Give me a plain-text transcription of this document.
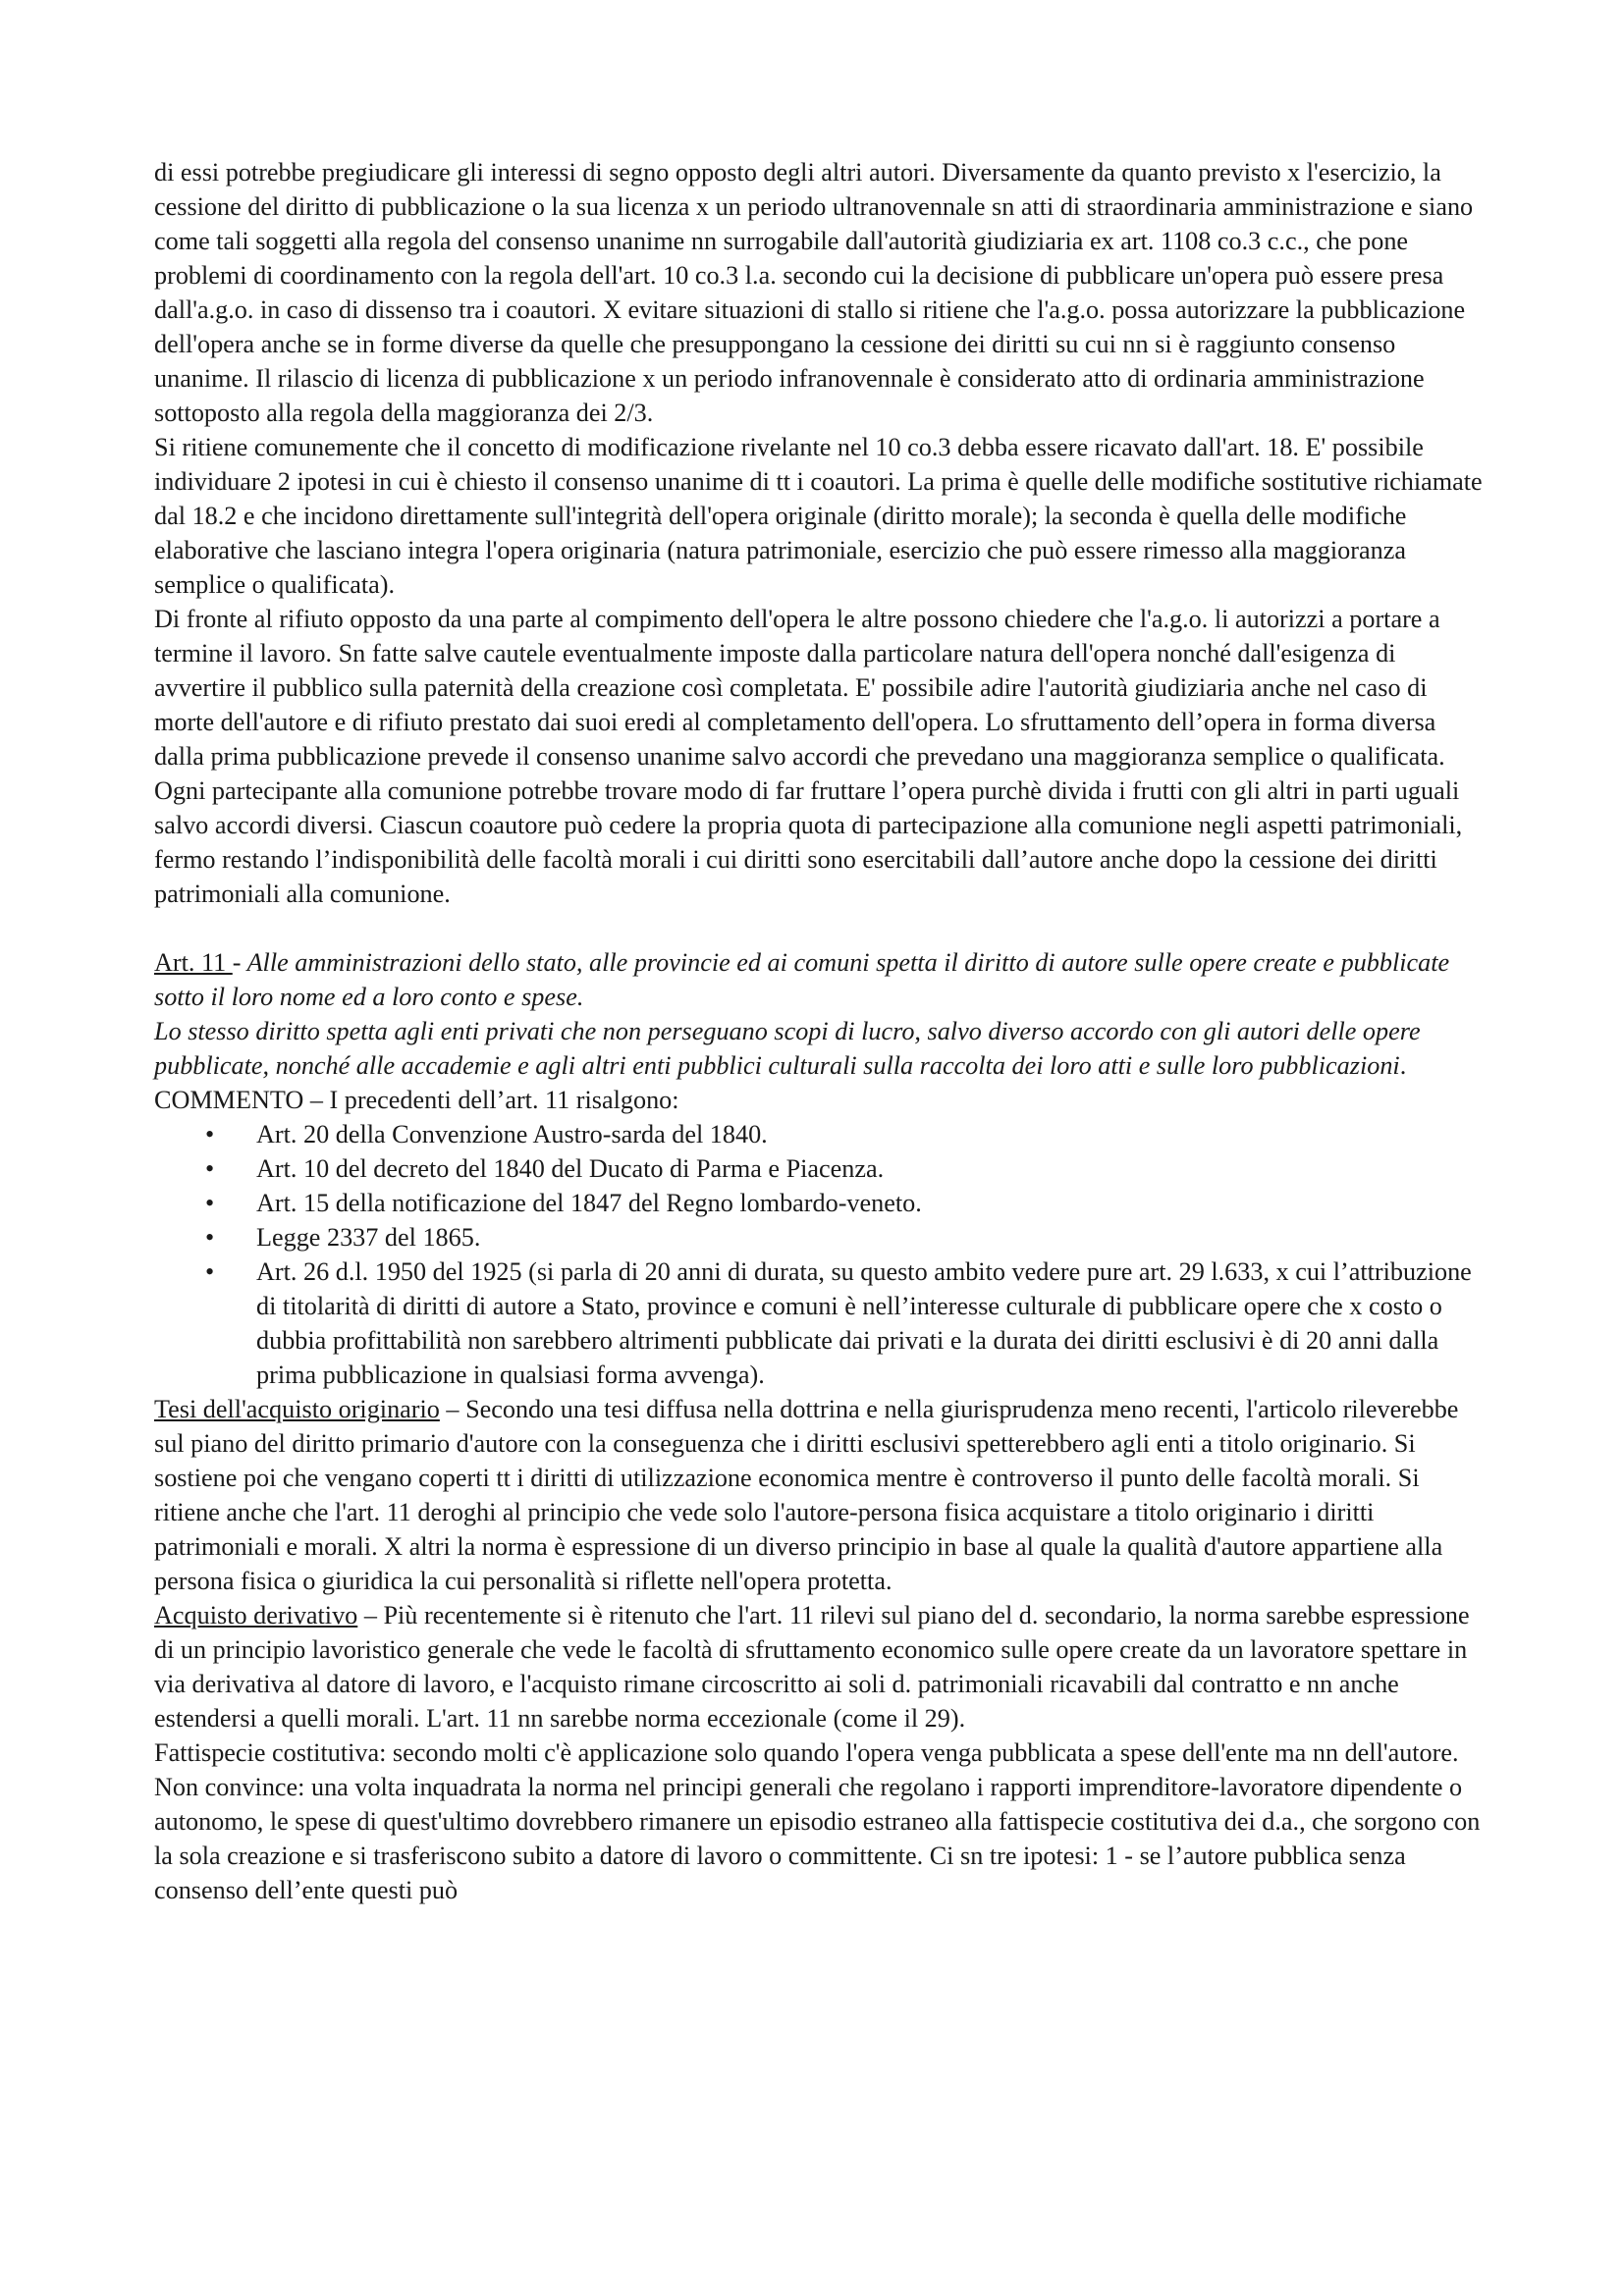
di essi potrebbe pregiudicare gli interessi di segno opposto degli altri autori. Diversamente da quanto previsto x l'esercizio, la cessione del diritto di pubblicazione o la sua licenza x un periodo ultranovennale sn atti di straordinaria amministrazione e siano come tali soggetti alla regola del consenso unanime nn surrogabile dall'autorità giudiziaria ex art. 1108 co.3 c.c., che pone problemi di coordinamento con la regola dell'art. 10 co.3 l.a. secondo cui la decisione di pubblicare un'opera può essere presa dall'a.g.o. in caso di dissenso tra i coautori. X evitare situazioni di stallo si ritiene che l'a.g.o. possa autorizzare la pubblicazione dell'opera anche se in forme diverse da quelle che presuppongano la cessione dei diritti su cui nn si è raggiunto consenso unanime. Il rilascio di licenza di pubblicazione x un periodo infranovennale è considerato atto di ordinaria amministrazione sottoposto alla regola della maggioranza dei 2/3.

Si ritiene comunemente che il concetto di modificazione rivelante nel 10 co.3 debba essere ricavato dall'art. 18. E' possibile individuare 2 ipotesi in cui è chiesto il consenso unanime di tt i coautori. La prima è quelle delle modifiche sostitutive richiamate dal 18.2 e che incidono direttamente sull'integrità dell'opera originale (diritto morale); la seconda è quella delle modifiche elaborative che lasciano integra l'opera originaria (natura patrimoniale, esercizio che può essere rimesso alla maggioranza semplice o qualificata).

Di fronte al rifiuto opposto da una parte al compimento dell'opera le altre possono chiedere che l'a.g.o. li autorizzi a portare a termine il lavoro. Sn fatte salve cautele eventualmente imposte dalla particolare natura dell'opera nonché dall'esigenza di avvertire il pubblico sulla paternità della creazione così completata. E' possibile adire l'autorità giudiziaria anche nel caso di morte dell'autore e di rifiuto prestato dai suoi eredi al completamento dell'opera. Lo sfruttamento dell’opera in forma diversa dalla prima pubblicazione prevede il consenso unanime salvo accordi che prevedano una maggioranza semplice o qualificata.

Ogni partecipante alla comunione potrebbe trovare modo di far fruttare l’opera purchè divida i frutti con gli altri in parti uguali salvo accordi diversi. Ciascun coautore può cedere la propria quota di partecipazione alla comunione negli aspetti patrimoniali, fermo restando l’indisponibilità delle facoltà morali i cui diritti sono esercitabili dall’autore anche dopo la cessione dei diritti patrimoniali alla comunione.

Art. 11 - Alle amministrazioni dello stato, alle provincie ed ai comuni spetta il diritto di autore sulle opere create e pubblicate sotto il loro nome ed a loro conto e spese.

Lo stesso diritto spetta agli enti privati che non perseguano scopi di lucro, salvo diverso accordo con gli autori delle opere pubblicate, nonché alle accademie e agli altri enti pubblici culturali sulla raccolta dei loro atti e sulle loro pubblicazioni.

COMMENTO – I precedenti dell’art. 11 risalgono:

• Art. 20 della Convenzione Austro-sarda del 1840.
• Art. 10 del decreto del 1840 del Ducato di Parma e Piacenza.
• Art. 15 della notificazione del 1847 del Regno lombardo-veneto.
• Legge 2337 del 1865.
• Art. 26 d.l. 1950 del 1925 (si parla di 20 anni di durata, su questo ambito vedere pure art. 29 l.633, x cui l’attribuzione di titolarità di diritti di autore a Stato, province e comuni è nell’interesse culturale di pubblicare opere che x costo o dubbia profittabilità non sarebbero altrimenti pubblicate dai privati e la durata dei diritti esclusivi è di 20 anni dalla prima pubblicazione in qualsiasi forma avvenga).

Tesi dell'acquisto originario – Secondo una tesi diffusa nella dottrina e nella giurisprudenza meno recenti, l'articolo rileverebbe sul piano del diritto primario d'autore con la conseguenza che i diritti esclusivi spetterebbero agli enti a titolo originario. Si sostiene poi che vengano coperti tt i diritti di utilizzazione economica mentre è controverso il punto delle facoltà morali. Si ritiene anche che l'art. 11 deroghi al principio che vede solo l'autore-persona fisica acquistare a titolo originario i diritti patrimoniali e morali. X altri la norma è espressione di un diverso principio in base al quale la qualità d'autore appartiene alla persona fisica o giuridica la cui personalità si riflette nell'opera protetta.

Acquisto derivativo – Più recentemente si è ritenuto che l'art. 11 rilevi sul piano del d. secondario, la norma sarebbe espressione di un principio lavoristico generale che vede le facoltà di sfruttamento economico sulle opere create da un lavoratore spettare in via derivativa al datore di lavoro, e l'acquisto rimane circoscritto ai soli d. patrimoniali ricavabili dal contratto e nn anche estendersi a quelli morali. L'art. 11 nn sarebbe norma eccezionale (come il 29).

Fattispecie costitutiva: secondo molti c'è applicazione solo quando l'opera venga pubblicata a spese dell'ente ma nn dell'autore. Non convince: una volta inquadrata la norma nel principi generali che regolano i rapporti imprenditore-lavoratore dipendente o autonomo, le spese di quest'ultimo dovrebbero rimanere un episodio estraneo alla fattispecie costitutiva dei d.a., che sorgono con la sola creazione e si trasferiscono subito a datore di lavoro o committente. Ci sn tre ipotesi: 1 - se l’autore pubblica senza consenso dell’ente questi può
